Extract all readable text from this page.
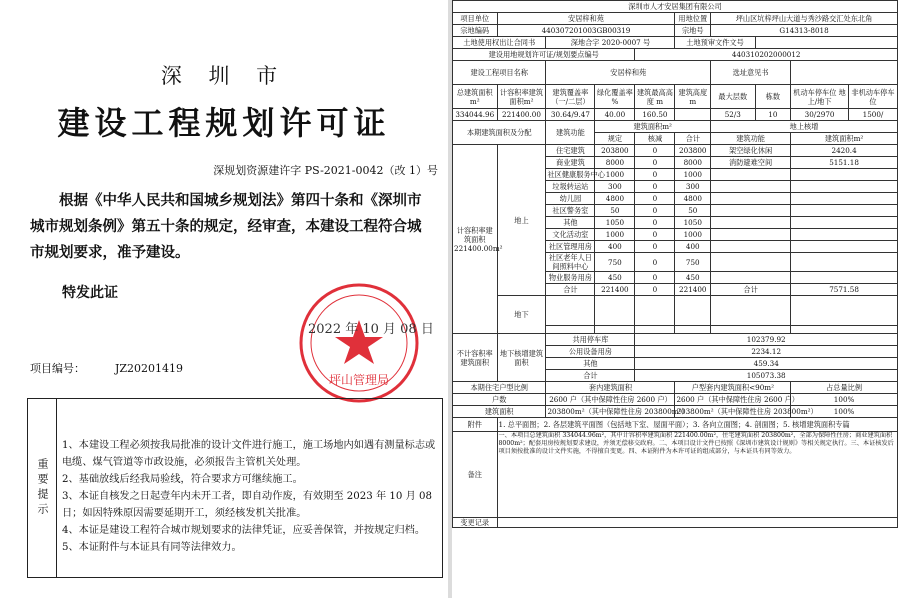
深 圳 市
建设工程规划许可证
深规划资源建许字 PS-2021-0042（改 1）号

根据《中华人民共和国城乡规划法》第四十条和《深圳市城市规划条例》第五十条的规定，经审查，本建设工程符合城市规划要求，准予建设。

特发此证
坪山管理局
2022 年 10 月 08 日
项目编号：	JZ20201419
重要提示
1、本建设工程必须按我局批准的设计文件进行施工，施工场地内如遇有测量标志或电缆、煤气管道等市政设施，必须报告主管机关处理。
2、基础放线后经我局验线，符合要求方可继续施工。
3、本证自核发之日起壹年内未开工者，即自动作废，有效期至 2023 年 10 月 08 日；如因特殊原因需要延期开工，须经核发机关批准。
4、本证是建设工程符合城市规划要求的法律凭证，应妥善保管，并按规定归档。
5、本证附件与本证具有同等法律效力。
深圳市人才安居集团有限公司									
项目单位	安居梓和苑				用地位置	坪山区坑梓坪山大道与秀沙路交汇处东北角			
宗地编码	440307201003GB00319				宗地号	G14313-8018			
土地使用权出让合同书		深地合字 2020-0007 号			土地预审文件文号				
建设用地规划许可证/规划要点编号				440310202000012					
建设工程项目名称		安居梓和苑				选址意见书			
总建筑面积m²	计容积率建筑面积m²	建筑覆盖率（一/二层）	绿化覆盖率 %	建筑最高高度 m	建筑高度 m	最大层数	栋数	机动车停车位 地上/地下	非机动车停车位
334044.96	221400.00	30.64/9.47	40.00	160.50		52/3	10	30/2970	1500/
本期建筑面积及分配		建筑功能	建筑面积m²			地上核增			
			规定	核减	合计	建筑功能		建筑面积m²	
计容积率建筑面积 221400.00m²	地上	住宅建筑	203800	0	203800	架空绿化休闲		2420.4	
		商业建筑	8000	0	8000	消防避难空间		5151.18	
		社区健康服务中心	1000	0	1000				
		垃圾转运站	300	0	300				
		幼儿园	4800	0	4800				
		社区警务室	50	0	50				
		其他	1050	0	1050				
		文化活动室	1000	0	1000				
		社区管理用房	400	0	400				
		社区老年人日间照料中心	750	0	750				
		物业服务用房	450	0	450				
		合计	221400	0	221400	合计		7571.58	
	地下								

不计容积率建筑面积	地下核增建筑面积	共用停车库		102379.92					
		公用设备用房		2234.12					
		其他		459.34					
		合计		105073.38					
本期住宅户型比例		套内建筑面积			户型套内建筑面积<90m²			占总量比例	
户数		2600 户（其中保障性住房 2600 户）			2600 户（其中保障性住房 2600 户）			100%	
建筑面积		203800m²（其中保障性住房 203800m²）			203800m²（其中保障性住房 203800m²）			100%	
附件	1. 总平面图；2. 各层建筑平面图（包括地下室、屋面平面）；3. 各向立面图；4. 剖面图；5. 核增建筑面积专篇								
备注	一、本项目总建筑面积 334044.96m²，其中计容积率建筑面积 221400.00m²，住宅建筑面积 203800m²，全部为保障性住房；商业建筑面积 8000m²；配套用房按规划要求建设，并须无偿移交政府。二、本项目设计文件已按照《深圳市建筑设计规则》等相关规定执行。三、本证核发后项目须按批准的设计文件实施，不得擅自变更。四、本证附件为本许可证的组成部分，与本证具有同等效力。								
变更记录									
